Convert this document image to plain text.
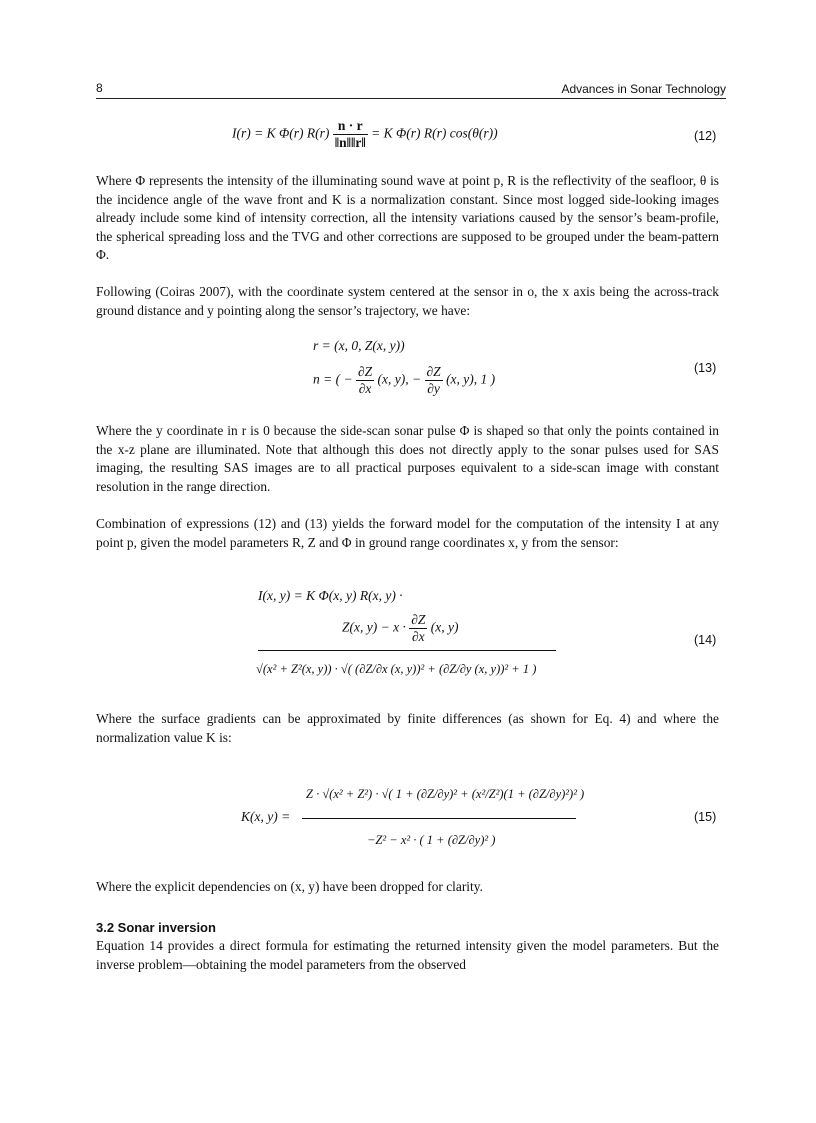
8	Advances in Sonar Technology
I(r) = K Φ(r) $R(r) \frac{n \cdot r}{‖n‖‖r‖} = K$ Φ(r) R(r) cos(θ(r))	(12)
Where Φ represents the intensity of the illuminating sound wave at point p, R is the reflectivity of the seafloor, θ is the incidence angle of the wave front and K is a normalization constant. Since most logged side-looking images already include some kind of intensity correction, all the intensity variations caused by the sensor’s beam-profile, the spherical spreading loss and the TVG and other corrections are supposed to be grouped under the beam-pattern Φ.
Following (Coiras 2007), with the coordinate system centered at the sensor in o, the x axis being the across-track ground distance and y pointing along the sensor’s trajectory, we have:
r = (x, 0, Z(x, y))
n = ( − $\frac{\partial Z}{\partial x} (x$, y), − $\frac{\partial Z}{\partial y} (x$, y), 1 )
(13)
Where the y coordinate in r is 0 because the side-scan sonar pulse Φ is shaped so that only the points contained in the x-z plane are illuminated. Note that although this does not directly apply to the sonar pulses used for SAS imaging, the resulting SAS images are to all practical purposes equivalent to a side-scan image with constant resolution in the range direction.
Combination of expressions (12) and (13) yields the forward model for the computation of the intensity I at any point p, given the model parameters R, Z and Φ in ground range coordinates x, y from the sensor:
I(x, y) = K Φ(x, y) R(x, y) ·
Z(x, $y) - x \cdot \frac{\partial Z}{\partial x} (x$, y)
√(x² + Z²(x, y)) · √( (∂Z/∂x (x, y))² + (∂Z/∂y (x, y))² + 1 )
(14)
Where the surface gradients can be approximated by finite differences (as shown for Eq. 4) and where the normalization value K is:
K(x, y) =
Z · √(x² + Z²) · √( 1 + (∂Z/∂y)² + (x²/Z²)(1 + (∂Z/∂y)²)² )
−Z² − x² · ( 1 + (∂Z/∂y)² )
(15)
Where the explicit dependencies on (x, y) have been dropped for clarity.
3.2 Sonar inversion
Equation 14 provides a direct formula for estimating the returned intensity given the model parameters. But the inverse problem—obtaining the model parameters from the observed
